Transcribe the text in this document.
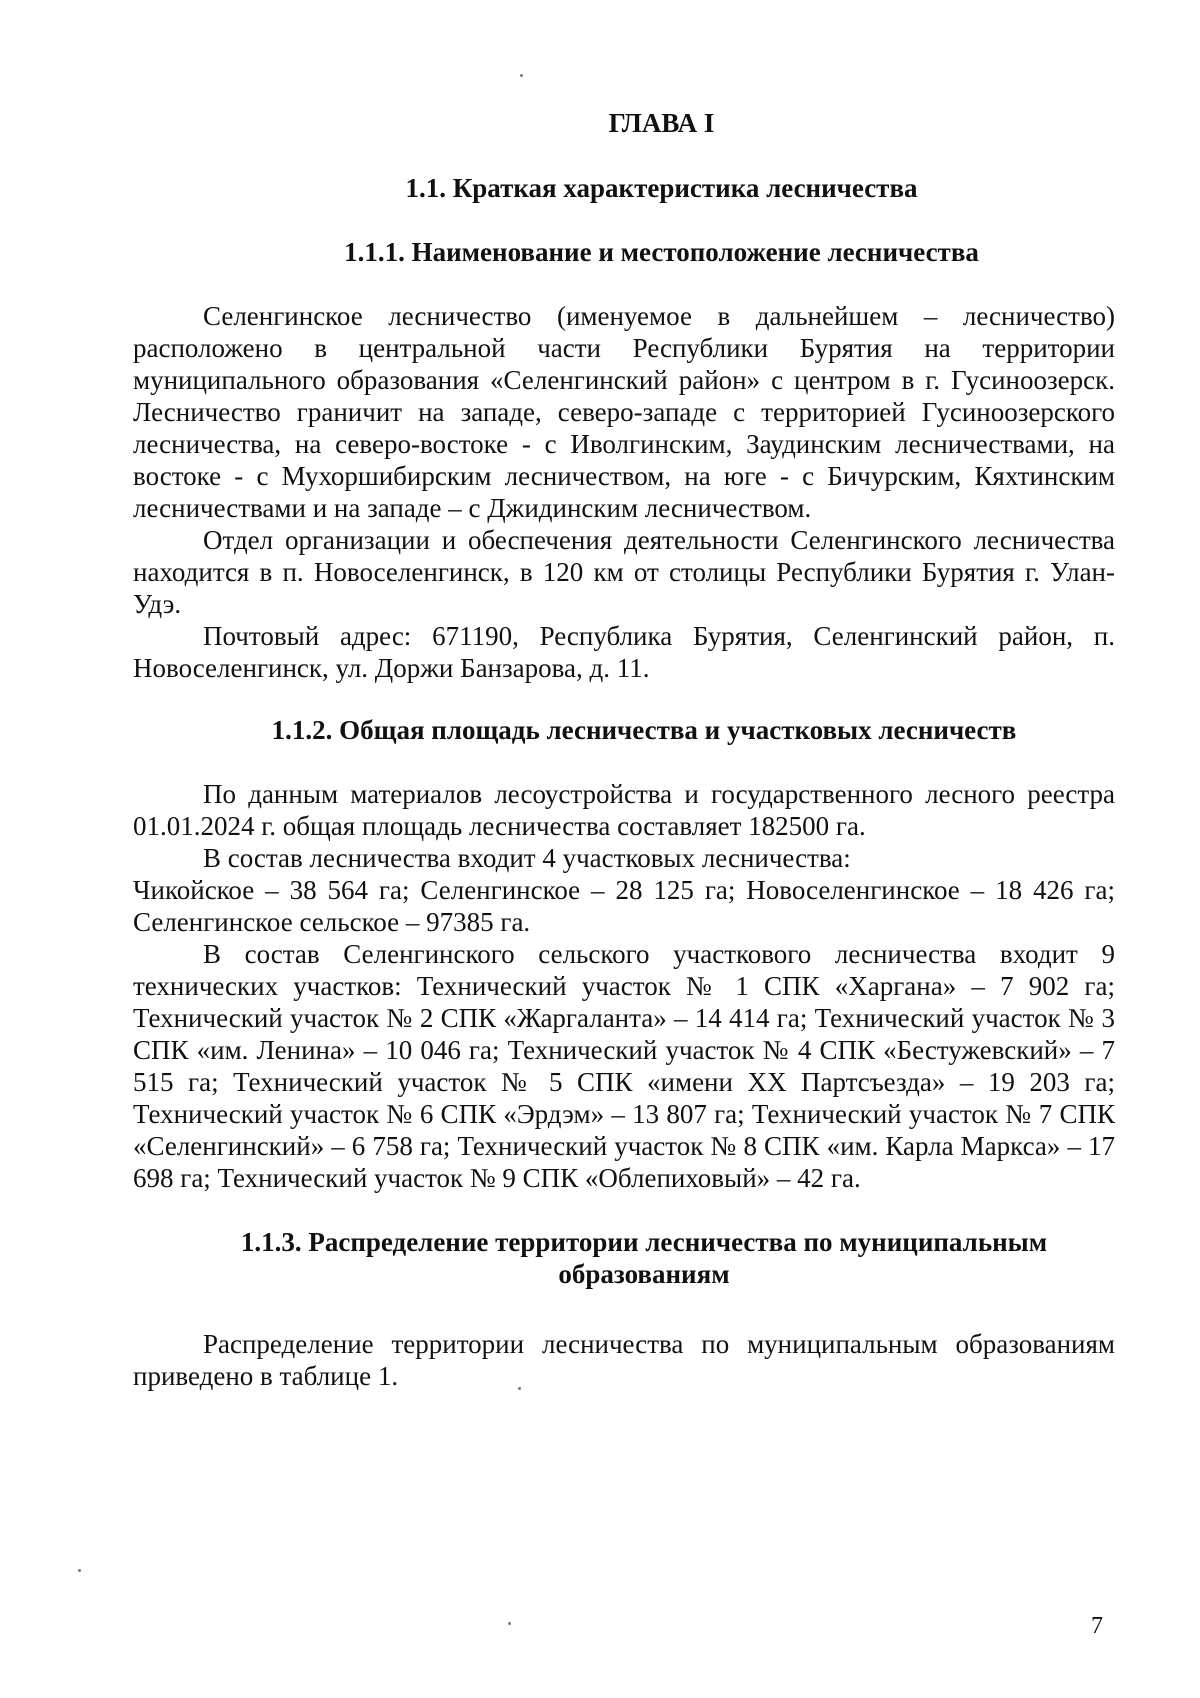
ГЛАВА I
1.1. Краткая характеристика лесничества
1.1.1. Наименование и местоположение лесничества

Селенгинское лесничество (именуемое в дальнейшем – лесничество) расположено в центральной части Республики Бурятия на территории муниципального образования «Селенгинский район» с центром в г. Гусиноозерск. Лесничество граничит на западе, северо-западе с территорией Гусиноозерского лесничества, на северо-востоке - с Иволгинским, Заудинским лесничествами, на востоке - с Мухоршибирским лесничеством, на юге - с Бичурским, Кяхтинским лесничествами и на западе – с Джидинским лесничеством.

Отдел организации и обеспечения деятельности Селенгинского лесничества находится в п. Новоселенгинск, в 120 км от столицы Республики Бурятия г. Улан-Удэ.

Почтовый адрес: 671190, Республика Бурятия, Селенгинский район, п. Новоселенгинск, ул. Доржи Банзарова, д. 11.

1.1.2. Общая площадь лесничества и участковых лесничеств

По данным материалов лесоустройства и государственного лесного реестра 01.01.2024 г. общая площадь лесничества составляет 182500 га.

В состав лесничества входит 4 участковых лесничества:

Чикойское – 38 564 га; Селенгинское – 28 125 га; Новоселенгинское – 18 426 га; Селенгинское сельское – 97385 га.

В состав Селенгинского сельского участкового лесничества входит 9 технических участков: Технический участок № 1 СПК «Харгана» – 7 902 га; Технический участок № 2 СПК «Жаргаланта» – 14 414 га; Технический участок № 3 СПК «им. Ленина» – 10 046 га; Технический участок № 4 СПК «Бестужевский» – 7 515 га; Технический участок № 5 СПК «имени XX Партсъезда» – 19 203 га; Технический участок № 6 СПК «Эрдэм» – 13 807 га; Технический участок № 7 СПК «Селенгинский» – 6 758 га; Технический участок № 8 СПК «им. Карла Маркса» – 17 698 га; Технический участок № 9 СПК «Облепиховый» – 42 га.

1.1.3. Распределение территории лесничества по муниципальным
образованиям

Распределение территории лесничества по муниципальным образованиям приведено в таблице 1.

7
